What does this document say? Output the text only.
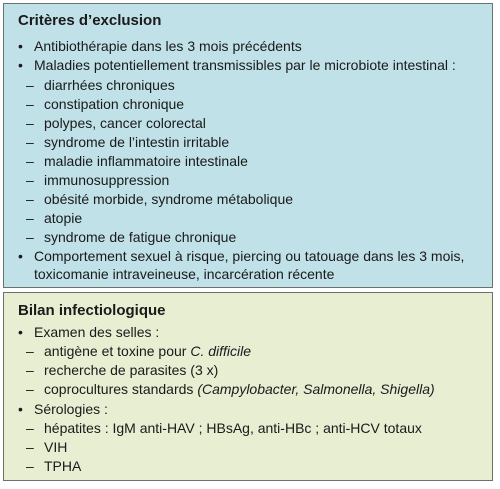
Critères d’exclusion
• Antibiothérapie dans les 3 mois précédents
• Maladies potentiellement transmissibles par le microbiote intestinal :
– diarrhées chroniques
– constipation chronique
– polypes, cancer colorectal
– syndrome de l’intestin irritable
– maladie inflammatoire intestinale
– immunosuppression
– obésité morbide, syndrome métabolique
– atopie
– syndrome de fatigue chronique
• Comportement sexuel à risque, piercing ou tatouage dans les 3 mois,
toxicomanie intraveineuse, incarcération récente
Bilan infectiologique
• Examen des selles :
– antigène et toxine pour C. difficile
– recherche de parasites (3 x)
– coprocultures standards (Campylobacter, Salmonella, Shigella)
• Sérologies :
– hépatites : IgM anti-HAV ; HBsAg, anti-HBc ; anti-HCV totaux
– VIH
– TPHA
